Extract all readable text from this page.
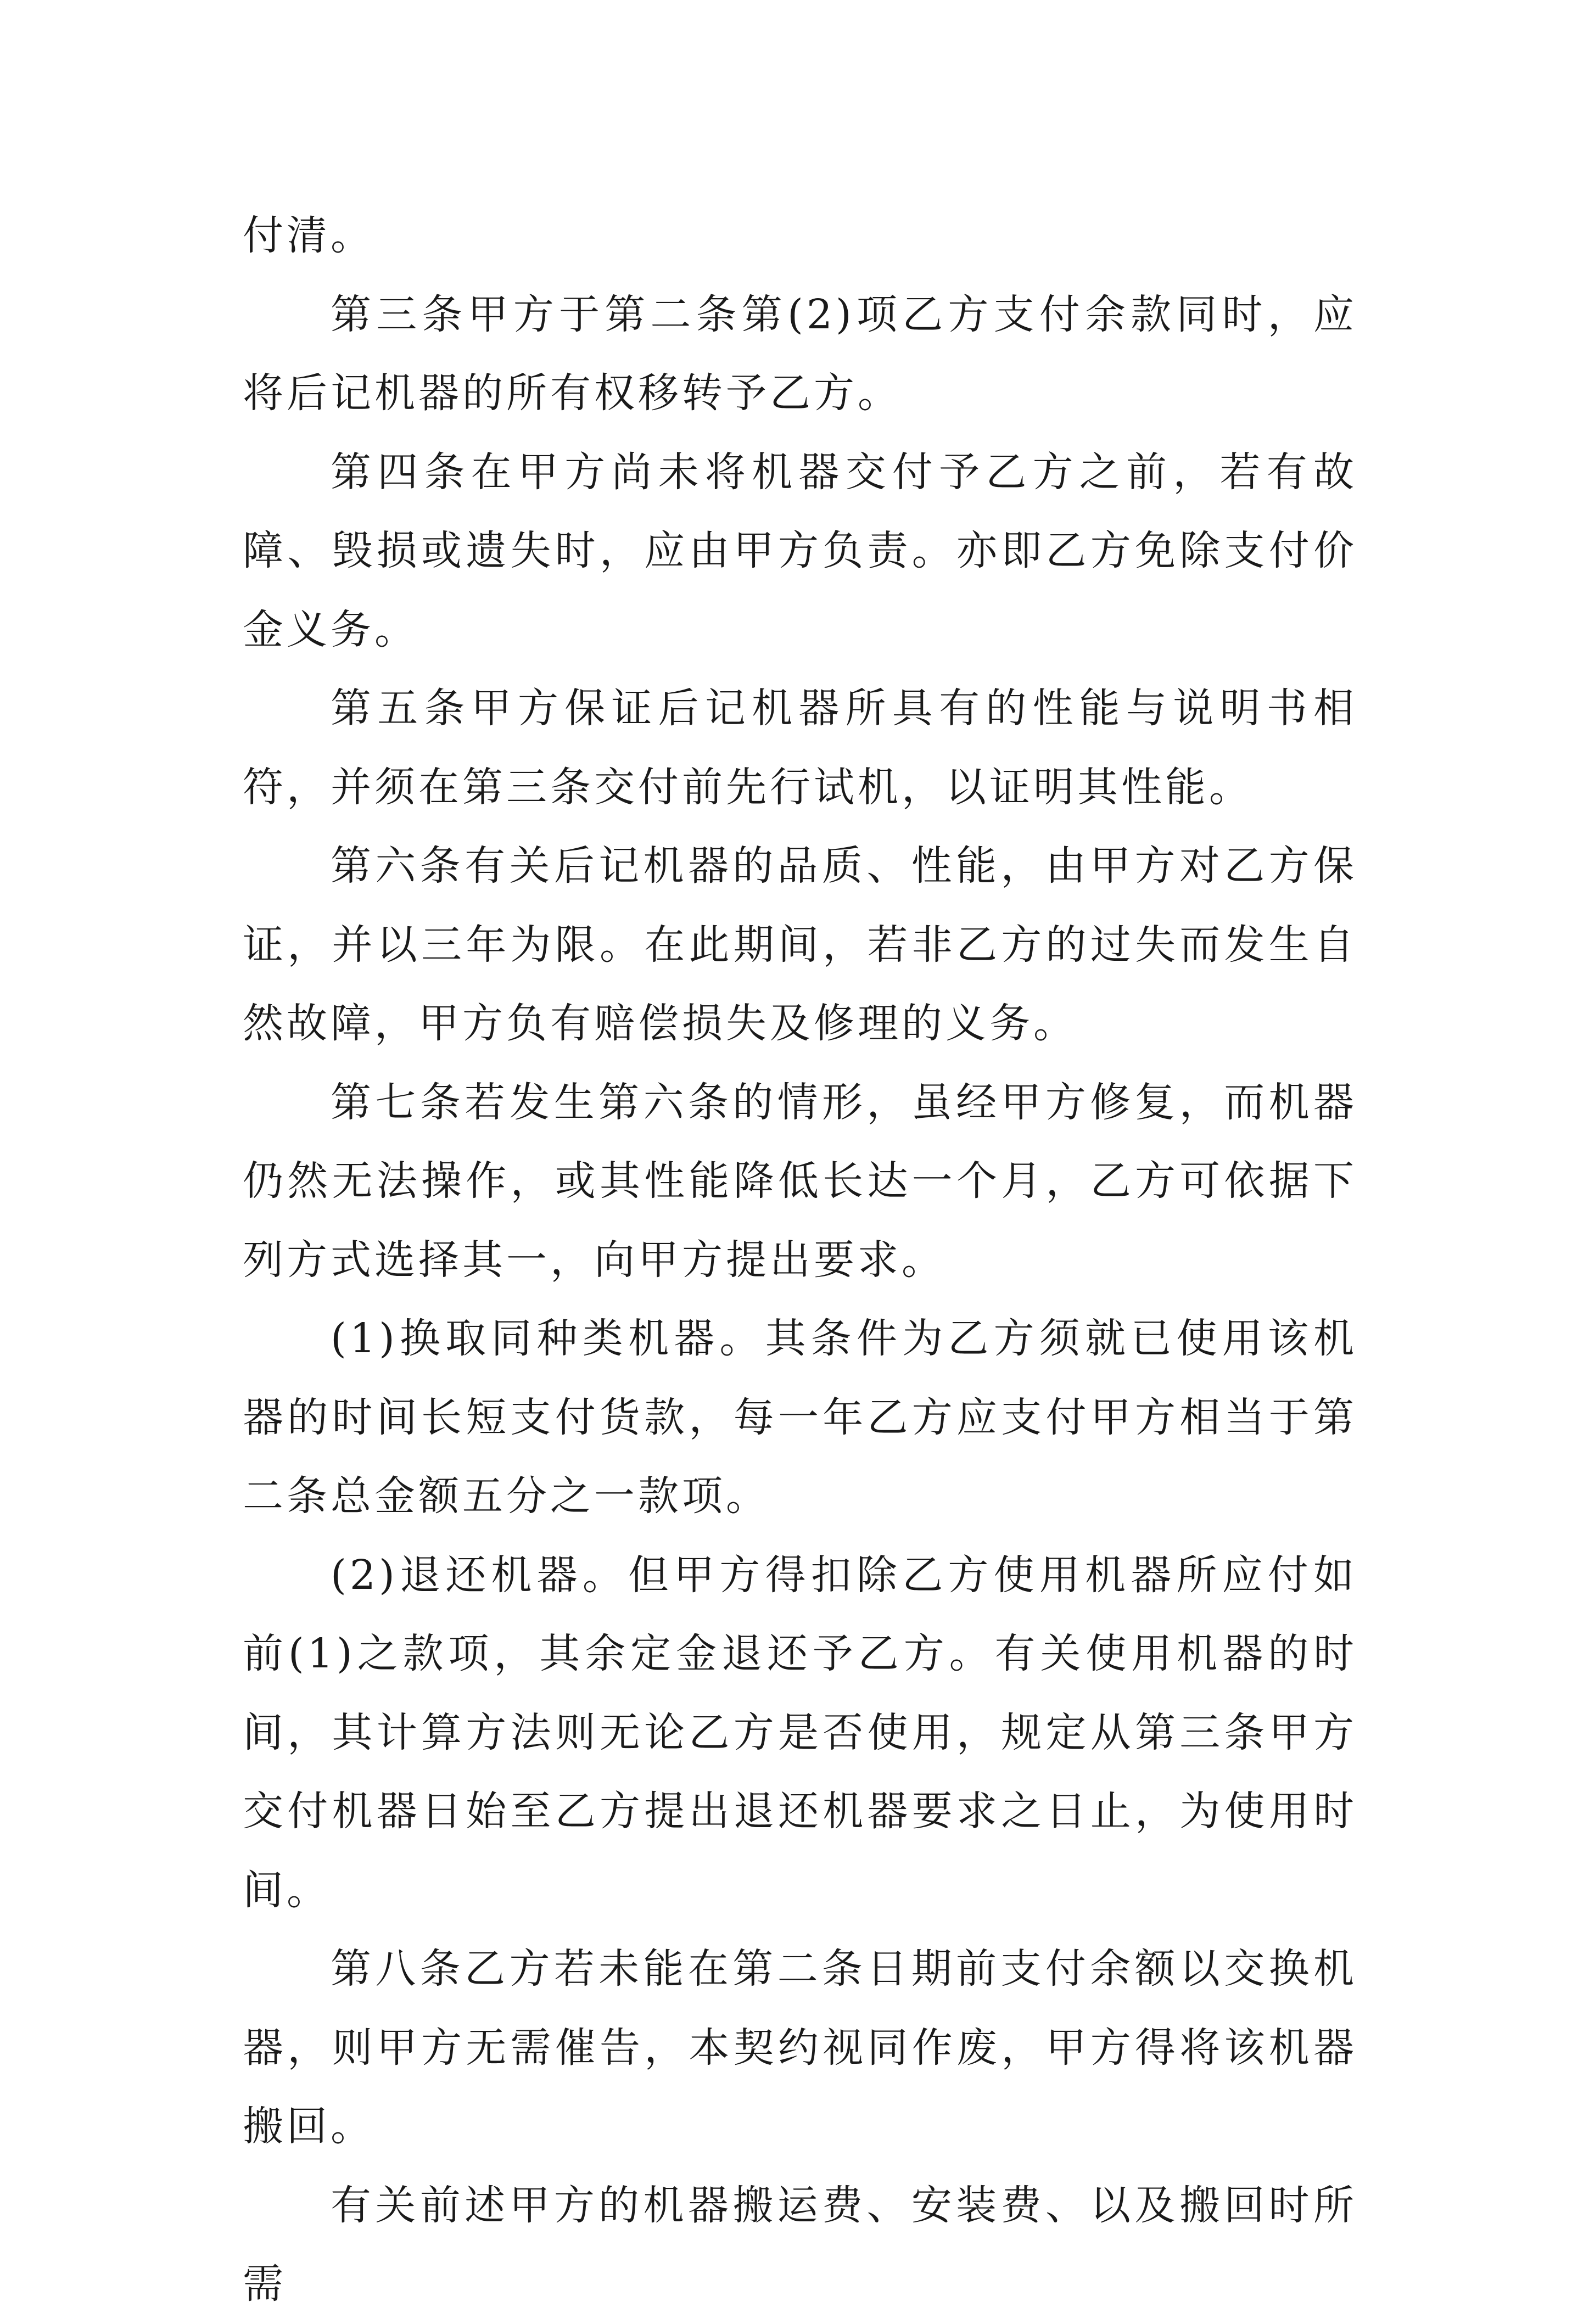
付清。

第三条甲方于第二条第(2)项乙方支付余款同时，应将后记机器的所有权移转予乙方。

第四条在甲方尚未将机器交付予乙方之前，若有故障、毁损或遗失时，应由甲方负责。亦即乙方免除支付价金义务。

第五条甲方保证后记机器所具有的性能与说明书相符，并须在第三条交付前先行试机，以证明其性能。

第六条有关后记机器的品质、性能，由甲方对乙方保证，并以三年为限。在此期间，若非乙方的过失而发生自然故障，甲方负有赔偿损失及修理的义务。

第七条若发生第六条的情形，虽经甲方修复，而机器仍然无法操作，或其性能降低长达一个月，乙方可依据下列方式选择其一，向甲方提出要求。

(1)换取同种类机器。其条件为乙方须就已使用该机器的时间长短支付货款，每一年乙方应支付甲方相当于第二条总金额五分之一款项。

(2)退还机器。但甲方得扣除乙方使用机器所应付如前(1)之款项，其余定金退还予乙方。有关使用机器的时间，其计算方法则无论乙方是否使用，规定从第三条甲方交付机器日始至乙方提出退还机器要求之日止，为使用时间。

第八条乙方若未能在第二条日期前支付余额以交换机器，则甲方无需催告，本契约视同作废，甲方得将该机器搬回。

有关前述甲方的机器搬运费、安装费、以及搬回时所需
